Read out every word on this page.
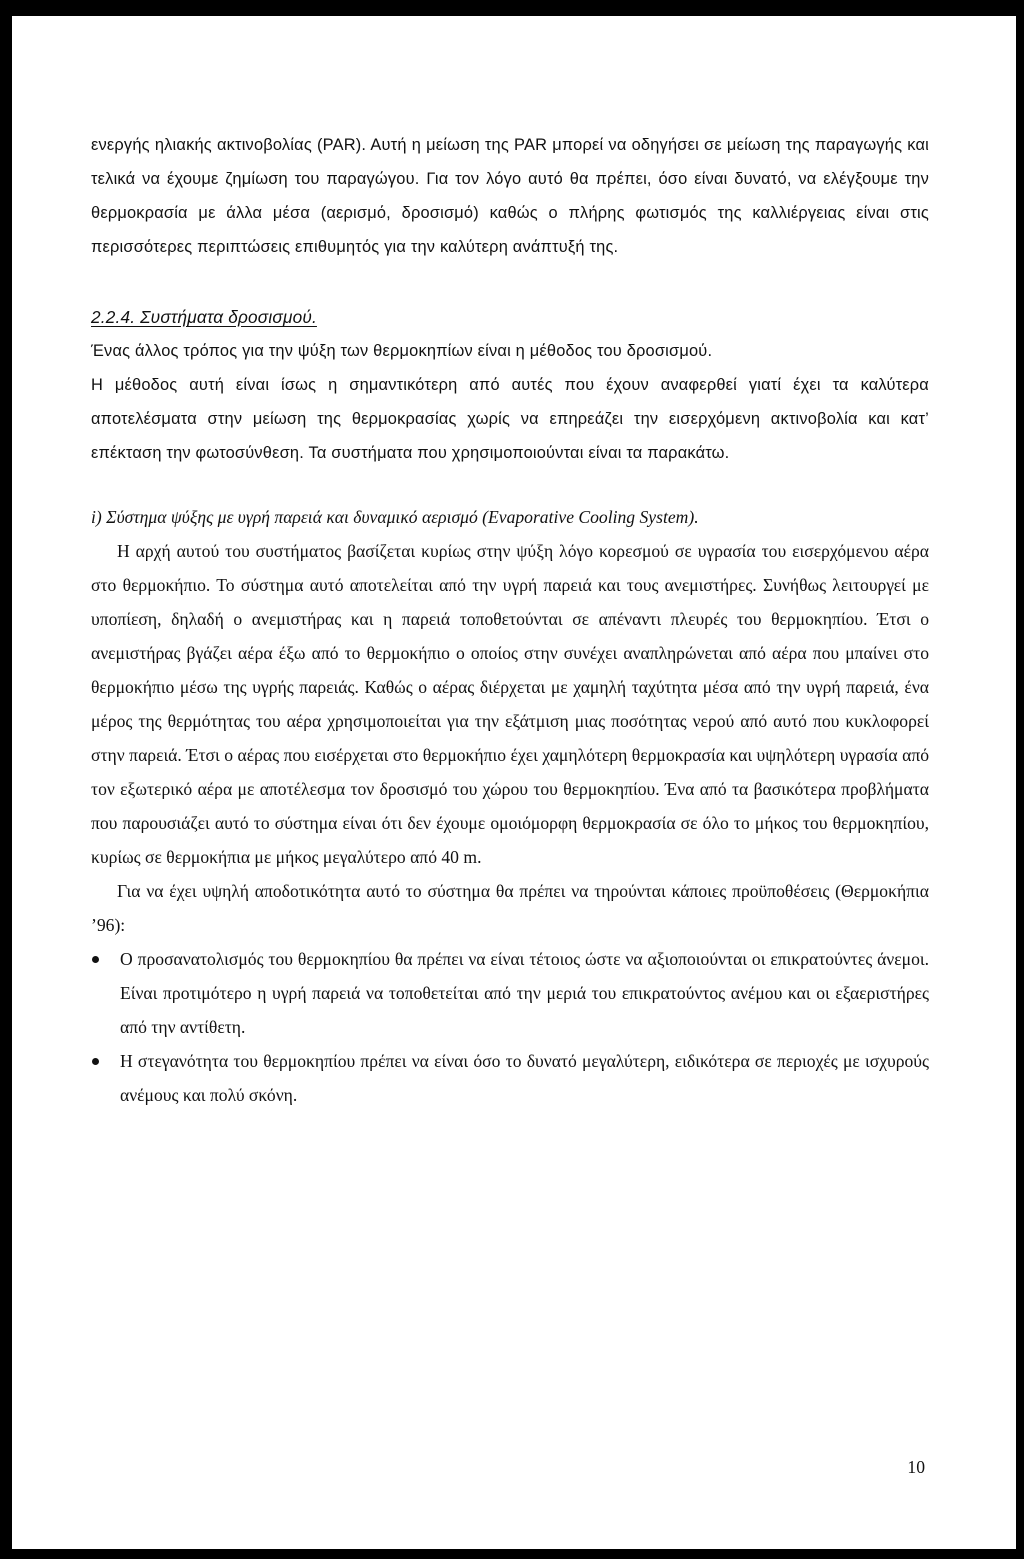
ενεργής ηλιακής ακτινοβολίας (PAR). Αυτή η μείωση της PAR μπορεί να οδηγήσει σε μείωση της παραγωγής και τελικά να έχουμε ζημίωση του παραγώγου. Για τον λόγο αυτό θα πρέπει, όσο είναι δυνατό, να ελέγξουμε την θερμοκρασία με άλλα μέσα (αερισμό, δροσισμό) καθώς ο πλήρης φωτισμός της καλλιέργειας είναι στις περισσότερες περιπτώσεις επιθυμητός για την καλύτερη ανάπτυξή της.

2.2.4. Συστήματα δροσισμού.

Ένας άλλος τρόπος για την ψύξη των θερμοκηπίων είναι η μέθοδος του δροσισμού.

Η μέθοδος αυτή είναι ίσως η σημαντικότερη από αυτές που έχουν αναφερθεί γιατί έχει τα καλύτερα αποτελέσματα στην μείωση της θερμοκρασίας χωρίς να επηρεάζει την εισερχόμενη ακτινοβολία και κατ’ επέκταση την φωτοσύνθεση. Τα συστήματα που χρησιμοποιούνται είναι τα παρακάτω.

i) Σύστημα ψύξης με υγρή παρειά και δυναμικό αερισμό (Evaporative Cooling System).

Η αρχή αυτού του συστήματος βασίζεται κυρίως στην ψύξη λόγο κορεσμού σε υγρασία του εισερχόμενου αέρα στο θερμοκήπιο. Το σύστημα αυτό αποτελείται από την υγρή παρειά και τους ανεμιστήρες. Συνήθως λειτουργεί με υποπίεση, δηλαδή ο ανεμιστήρας και η παρειά τοποθετούνται σε απέναντι πλευρές του θερμοκηπίου. Έτσι ο ανεμιστήρας βγάζει αέρα έξω από το θερμοκήπιο ο οποίος στην συνέχει αναπληρώνεται από αέρα που μπαίνει στο θερμοκήπιο μέσω της υγρής παρειάς. Καθώς ο αέρας διέρχεται με χαμηλή ταχύτητα μέσα από την υγρή παρειά, ένα μέρος της θερμότητας του αέρα χρησιμοποιείται για την εξάτμιση μιας ποσότητας νερού από αυτό που κυκλοφορεί στην παρειά. Έτσι ο αέρας που εισέρχεται στο θερμοκήπιο έχει χαμηλότερη θερμοκρασία και υψηλότερη υγρασία από τον εξωτερικό αέρα με αποτέλεσμα τον δροσισμό του χώρου του θερμοκηπίου. Ένα από τα βασικότερα προβλήματα που παρουσιάζει αυτό το σύστημα είναι ότι δεν έχουμε ομοιόμορφη θερμοκρασία σε όλο το μήκος του θερμοκηπίου, κυρίως σε θερμοκήπια με μήκος μεγαλύτερο από 40 m.

Για να έχει υψηλή αποδοτικότητα αυτό το σύστημα θα πρέπει να τηρούνται κάποιες προϋποθέσεις (Θερμοκήπια ’96):

Ο προσανατολισμός του θερμοκηπίου θα πρέπει να είναι τέτοιος ώστε να αξιοποιούνται οι επικρατούντες άνεμοι. Είναι προτιμότερο η υγρή παρειά να τοποθετείται από την μεριά του επικρατούντος ανέμου και οι εξαεριστήρες από την αντίθετη.
Η στεγανότητα του θερμοκηπίου πρέπει να είναι όσο το δυνατό μεγαλύτερη, ειδικότερα σε περιοχές με ισχυρούς ανέμους και πολύ σκόνη.
10
